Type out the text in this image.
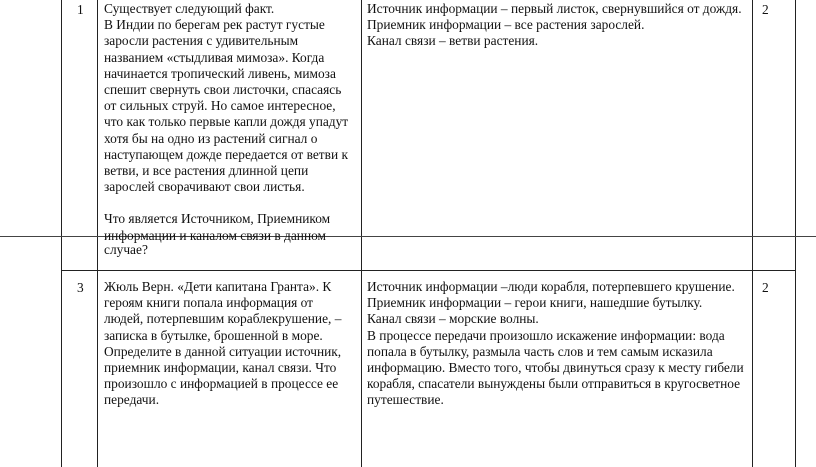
1 Существует следующий факт.
В Индии по берегам рек растут густые
заросли растения с удивительным
названием «стыдливая мимоза». Когда
начинается тропический ливень, мимоза
спешит свернуть свои листочки, спасаясь
от сильных струй. Но самое интересное,
что как только первые капли дождя упадут
хотя бы на одно из растений сигнал о
наступающем дожде передается от ветви к
ветви, и все растения длинной цепи
зарослей сворачивают свои листья.

Что является Источником, Приемником
информации и каналом связи в данном

случае?

Источник информации – первый листок, свернувшийся от дождя.
Приемник информации – все растения зарослей.
Канал связи – ветви растения.

2
3 Жюль Верн. «Дети капитана Гранта». К
героям книги попала информация от
людей, потерпевшим кораблекрушение, –
записка в бутылке, брошенной в море.
Определите в данной ситуации источник,
приемник информации, канал связи. Что
произошло с информацией в процессе ее
передачи.

Источник информации –люди корабля, потерпевшего крушение.
Приемник информации – герои книги, нашедшие бутылку.
Канал связи – морские волны.

В процессе передачи произошло искажение информации: вода
попала в бутылку, размыла часть слов и тем самым исказила
информацию. Вместо того, чтобы двинуться сразу к месту гибели
корабля, спасатели вынуждены были отправиться в кругосветное
путешествие.

2
